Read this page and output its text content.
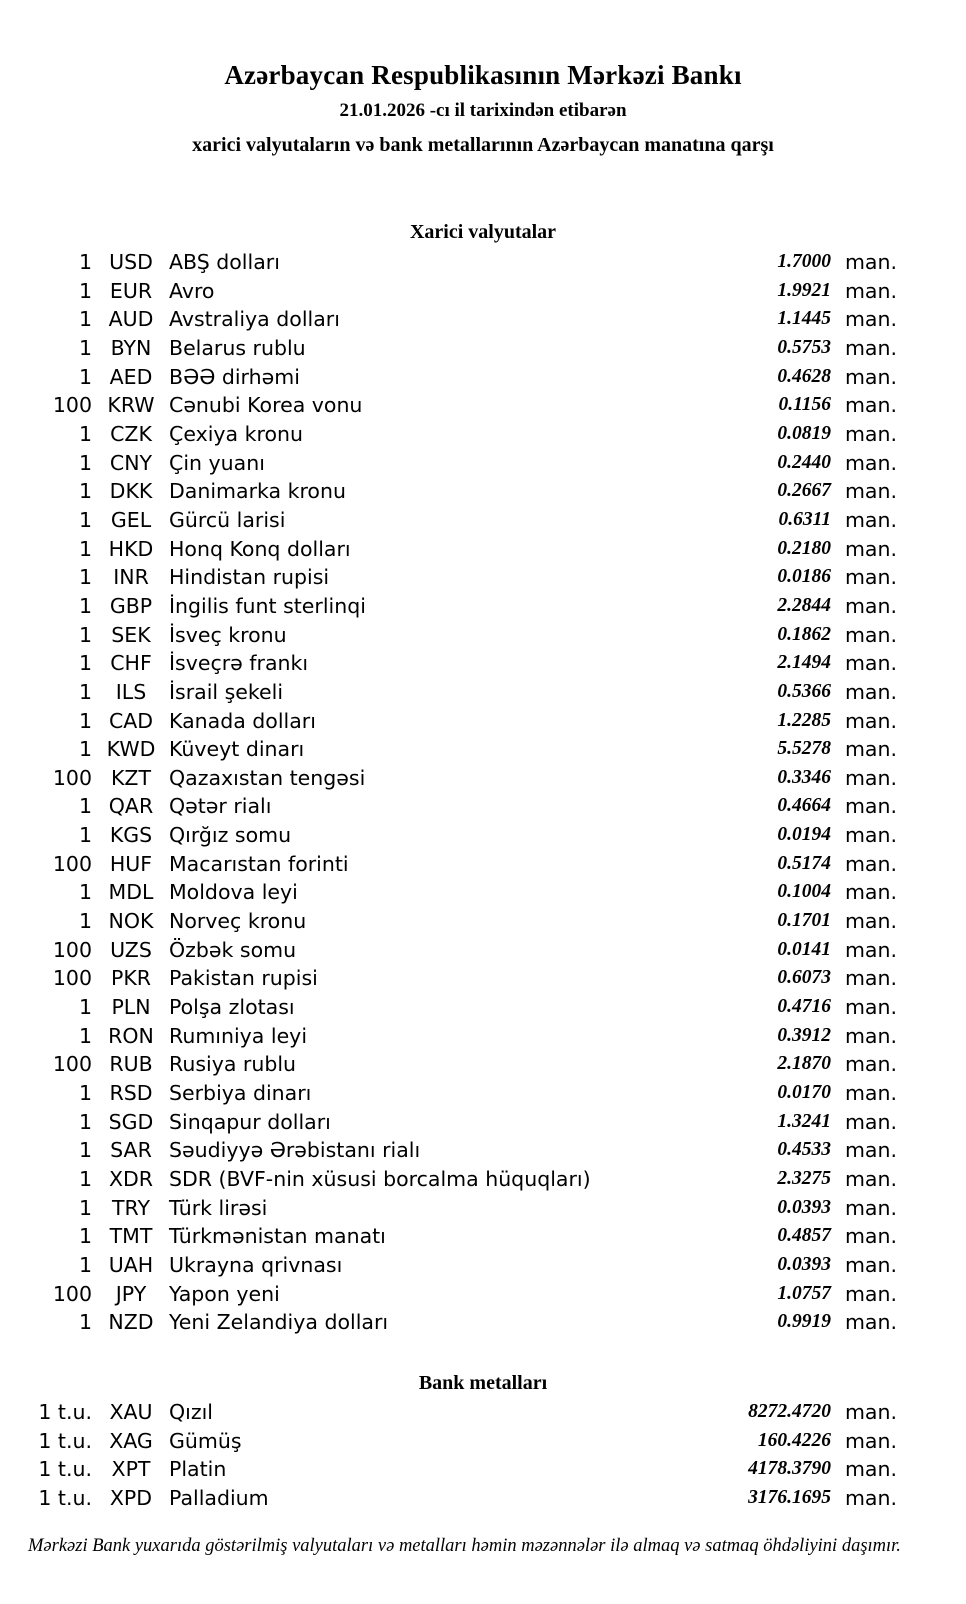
Azərbaycan Respublikasının Mərkəzi Bankı
21.01.2026 -cı il tarixindən etibarən
xarici valyutaların və bank metallarının Azərbaycan manatına qarşı
Xarici valyutalar
1 USD ABŞ dolları	1.7000 man.
1 EUR Avro	1.9921 man.
1 AUD Avstraliya dolları	1.1445 man.
1 BYN Belarus rublu	0.5753 man.
1 AED BƏƏ dirhəmi	0.4628 man.
100 KRW Cənubi Korea vonu	0.1156 man.
1 CZK Çexiya kronu	0.0819 man.
1 CNY Çin yuanı	0.2440 man.
1 DKK Danimarka kronu	0.2667 man.
1 GEL Gürcü larisi	0.6311 man.
1 HKD Honq Konq dolları	0.2180 man.
1	INR Hindistan rupisi	0.0186 man.
1 GBP İngilis funt sterlinqi	2.2844 man.
1 SEK İsveç kronu	0.1862 man.
1 CHF İsveçrə frankı	2.1494 man.
1	ILS	İsrail şekeli	0.5366 man.
1 CAD Kanada dolları	1.2285 man.
1 KWD Küveyt dinarı	5.5278 man.
100 KZT Qazaxıstan tengəsi	0.3346 man.
1 QAR Qətər rialı	0.4664 man.
1 KGS Qırğız somu	0.0194 man.
100 HUF Macarıstan forinti	0.5174 man.
1 MDL Moldova leyi	0.1004 man.
1 NOK Norveç kronu	0.1701 man.
100 UZS Özbək somu	0.0141 man.
100 PKR Pakistan rupisi	0.6073 man.
1 PLN Polşa zlotası	0.4716 man.
1 RON Rumıniya leyi	0.3912 man.
100 RUB Rusiya rublu	2.1870 man.
1 RSD Serbiya dinarı	0.0170 man.
1 SGD Sinqapur dolları	1.3241 man.
1 SAR Səudiyyə Ərəbistanı rialı	0.4533 man.
1 XDR SDR (BVF-nin xüsusi borcalma hüquqları)	2.3275 man.
1 TRY Türk lirəsi	0.0393 man.
1 TMT Türkmənistan manatı	0.4857 man.
1 UAH Ukrayna qrivnası	0.0393 man.
100	JPY	Yapon yeni	1.0757 man.
1 NZD Yeni Zelandiya dolları	0.9919 man.
Bank metalları
1 t.u. XAU Qızıl	8272.4720 man.
1 t.u. XAG Gümüş	160.4226 man.
1 t.u. XPT Platin	4178.3790 man.
1 t.u. XPD Palladium	3176.1695 man.
Mərkəzi Bank yuxarıda göstərilmiş valyutaları və metalları həmin məzənnələr ilə almaq və satmaq öhdəliyini daşımır.
